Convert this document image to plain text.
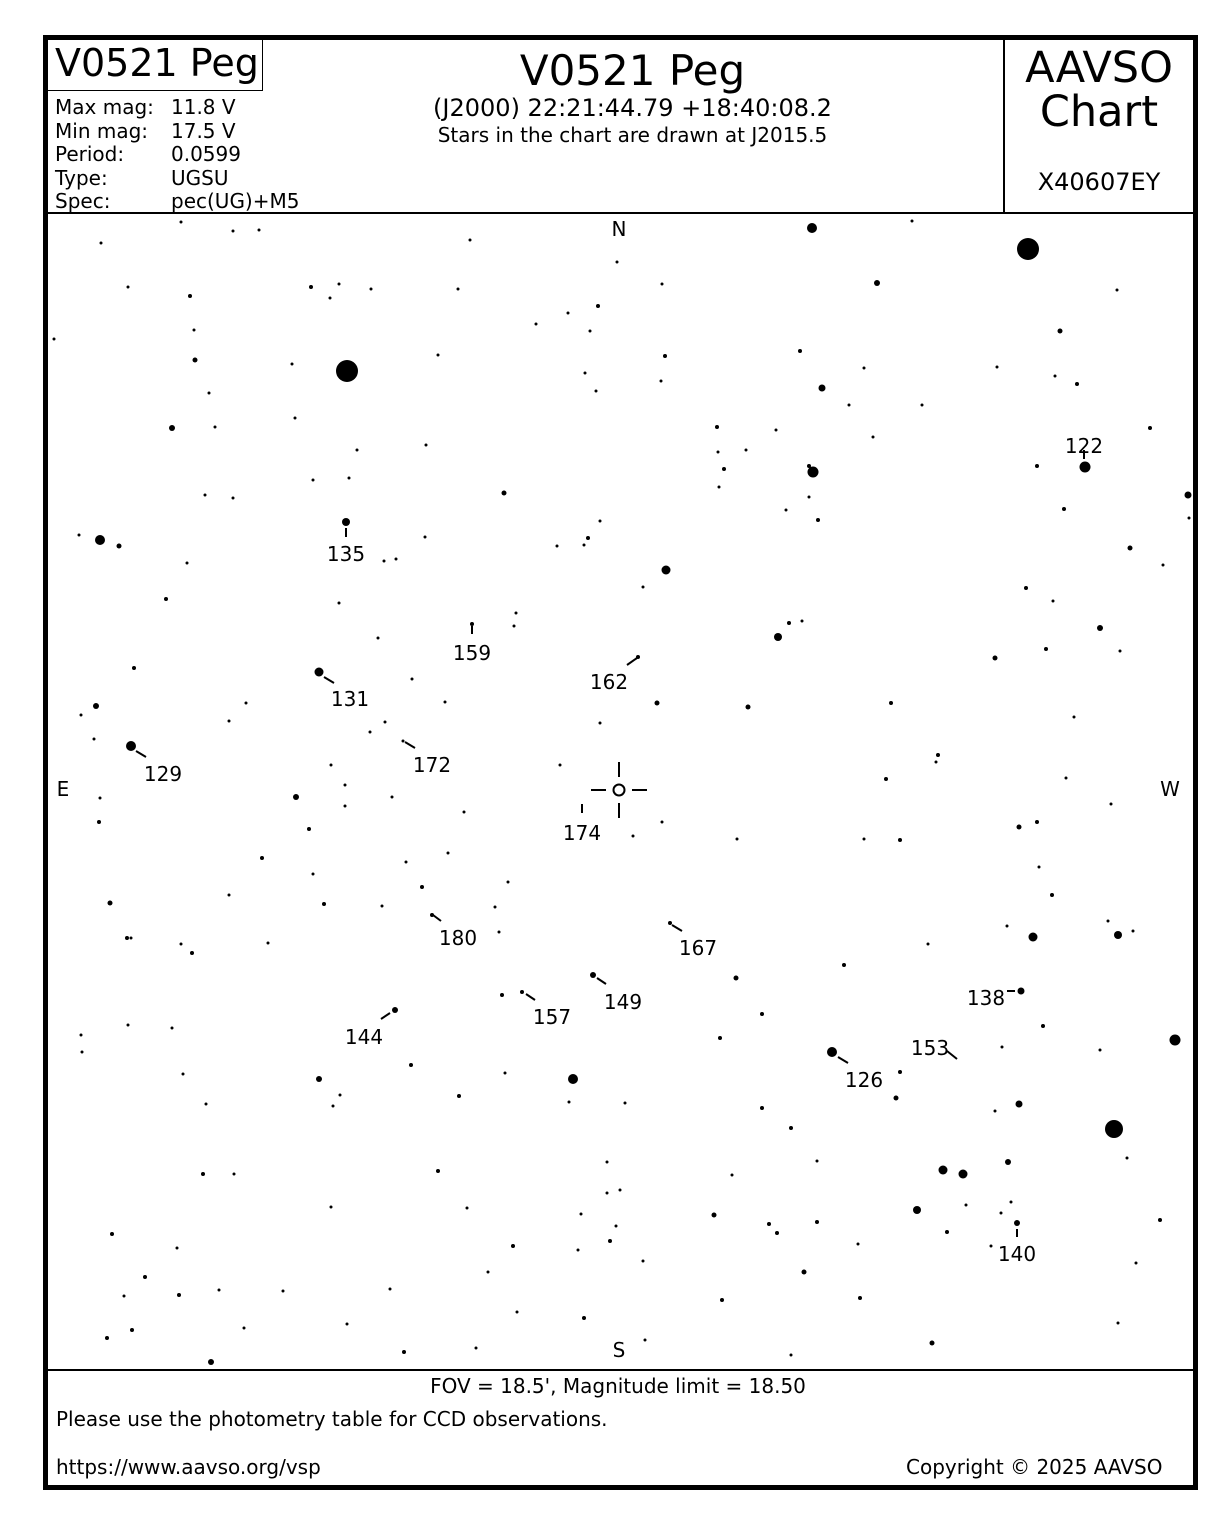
V0521 Peg
Max mag: 11.8 V
Min mag:	17.5 V
Period:	0.0599
Type:	UGSU
Spec:	pec(UG)+M5
V0521 Peg
(J2000) 22:21:44.79 +18:40:08.2
Stars in the chart are drawn at J2015.5
AAVSO
Chart
X40607EY
122
135
159
162
131
129	172
174
180	167
149
157
144
138
153
126
140
N
S
E	W
FOV = 18.5', Magnitude limit = 18.50
Please use the photometry table for CCD observations.
https://www.aavso.org/vsp	Copyright © 2025 AAVSO
